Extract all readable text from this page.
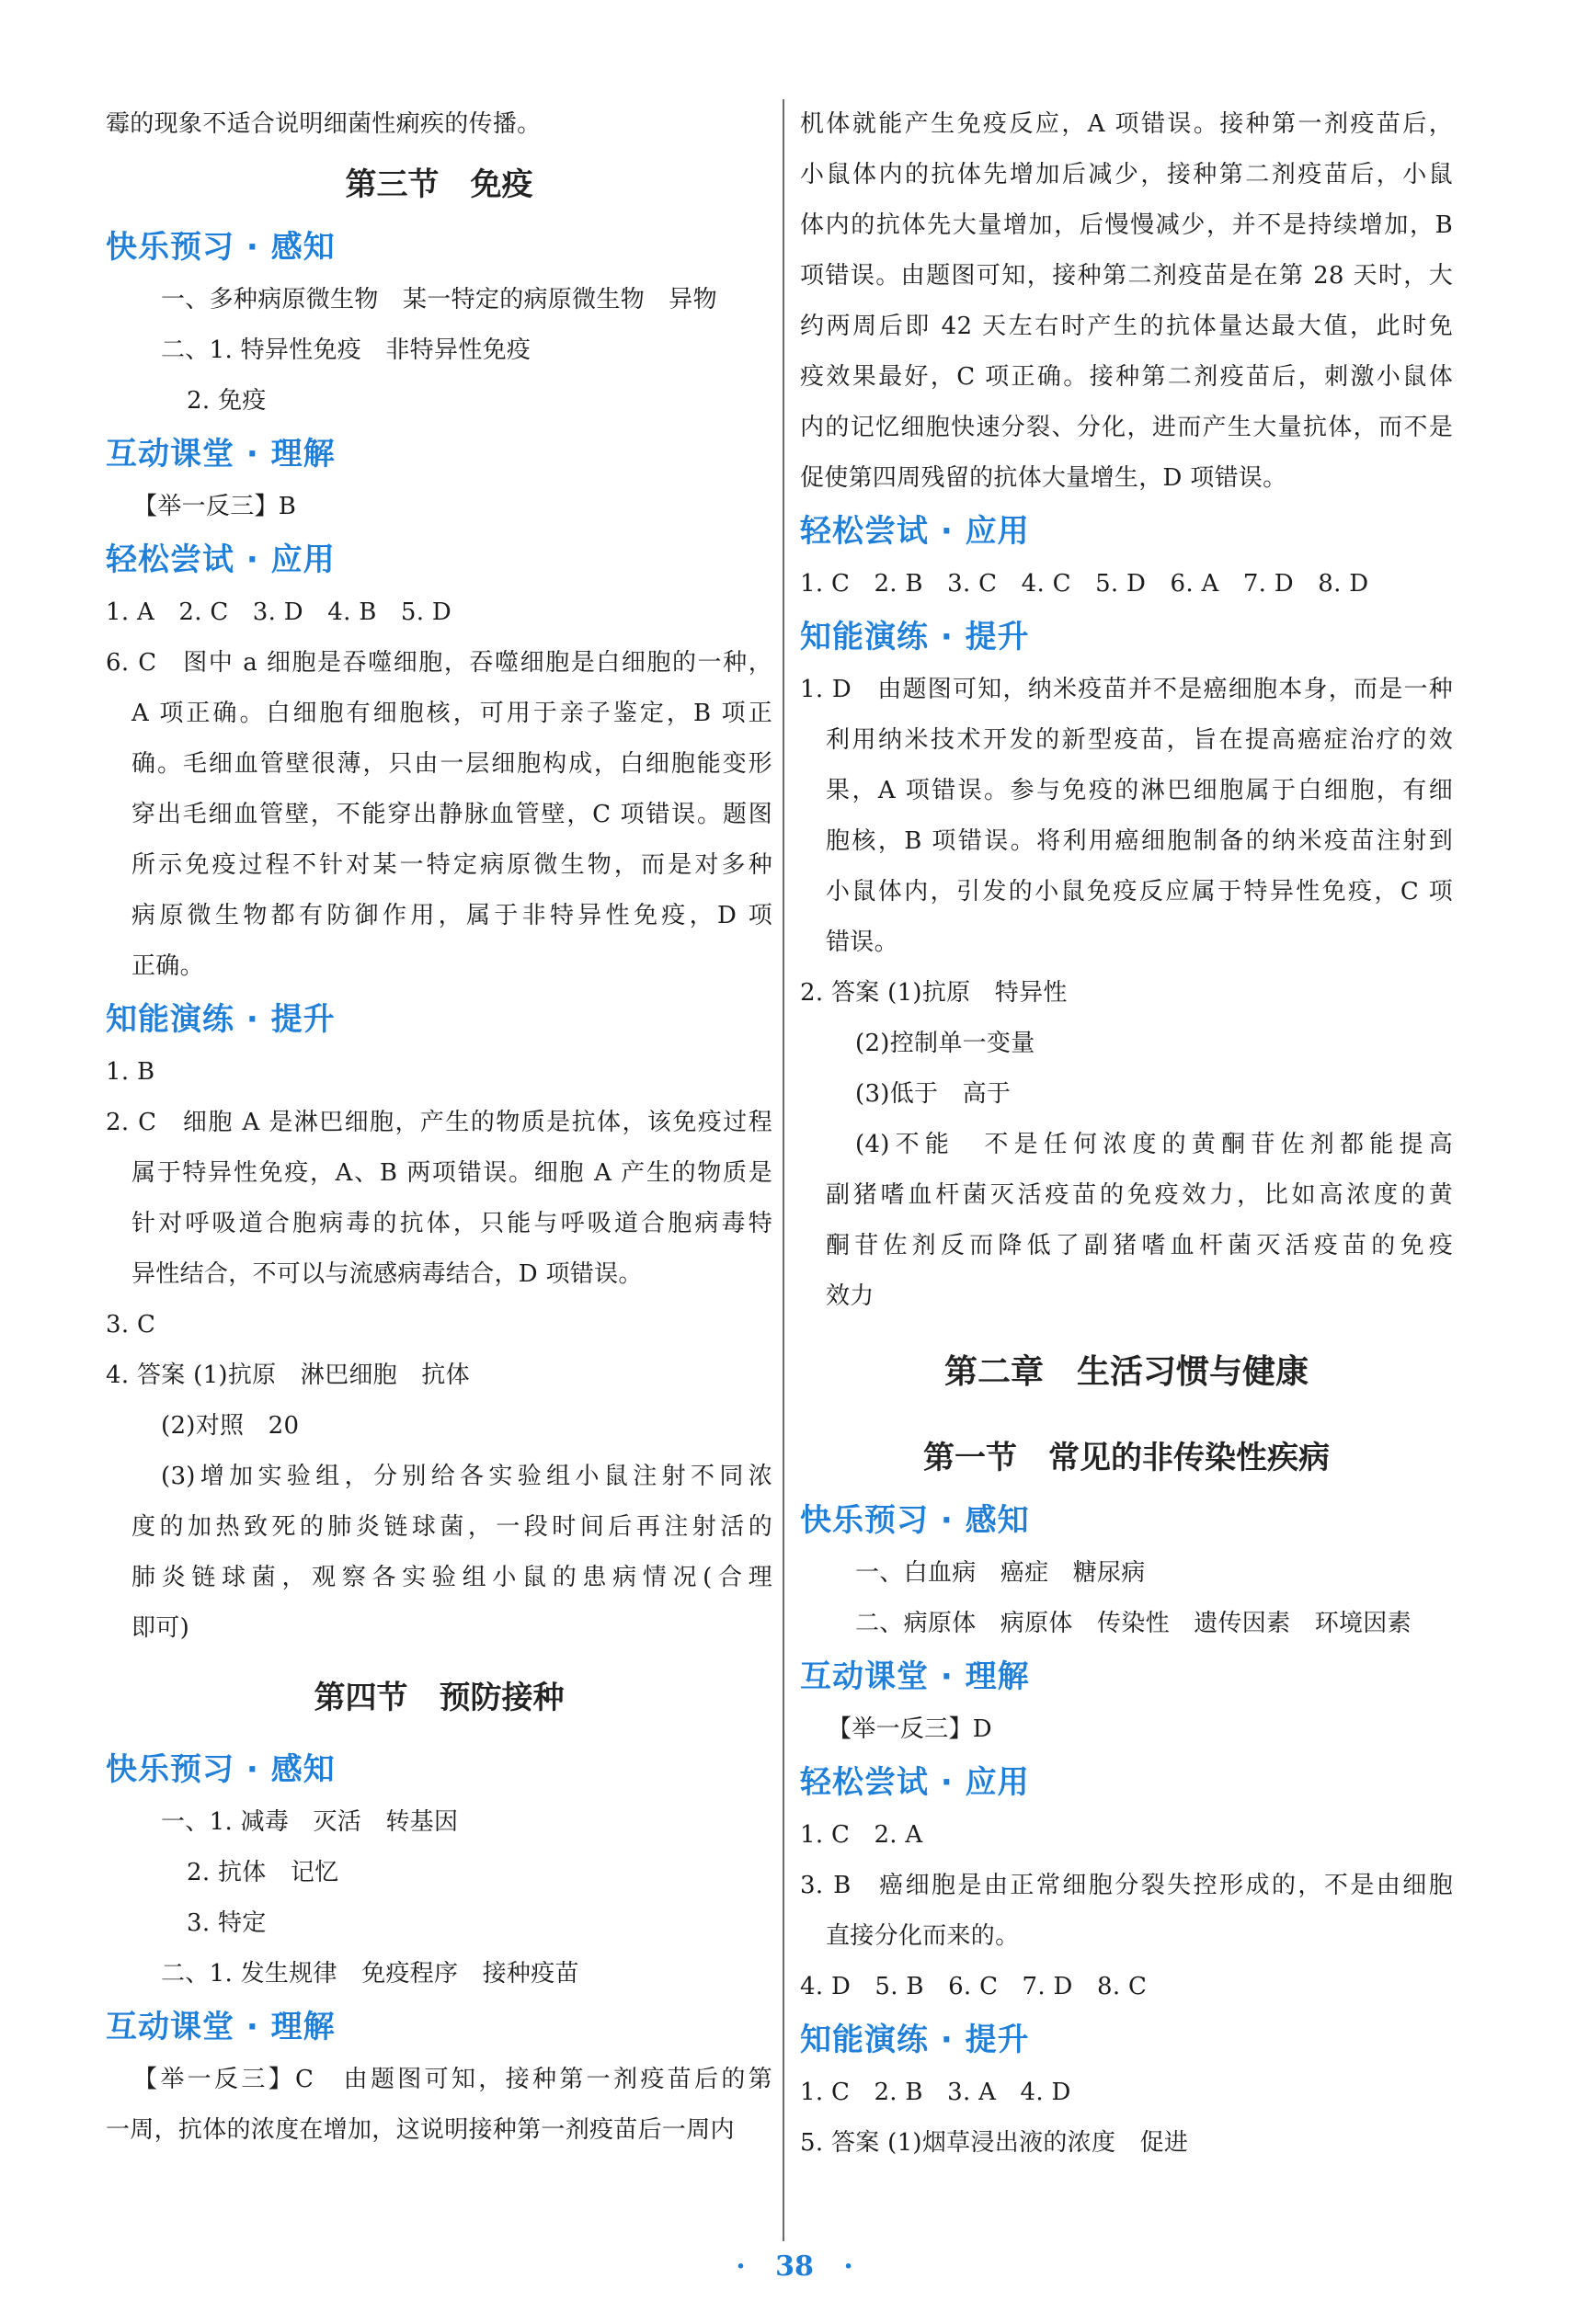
霉的现象不适合说明细菌性痢疾的传播。
第三节　免疫
快乐预习 · 感知
一、多种病原微生物　某一特定的病原微生物　异物
二、1. 特异性免疫　非特异性免疫
2. 免疫
互动课堂 · 理解
【举一反三】B
轻松尝试 · 应用
1. A　2. C　3. D　4. B　5. D
6. C　图中 a 细胞是吞噬细胞，吞噬细胞是白细胞的一种，
A 项正确。白细胞有细胞核，可用于亲子鉴定，B 项正
确。毛细血管壁很薄，只由一层细胞构成，白细胞能变形
穿出毛细血管壁，不能穿出静脉血管壁，C 项错误。题图
所示免疫过程不针对某一特定病原微生物，而是对多种
病原微生物都有防御作用，属于非特异性免疫，D 项
正确。
知能演练 · 提升
1. B
2. C　细胞 A 是淋巴细胞，产生的物质是抗体，该免疫过程
属于特异性免疫，A、B 两项错误。细胞 A 产生的物质是
针对呼吸道合胞病毒的抗体，只能与呼吸道合胞病毒特
异性结合，不可以与流感病毒结合，D 项错误。
3. C
4. 答案 (1)抗原　淋巴细胞　抗体
(2)对照　20
(3)增加实验组，分别给各实验组小鼠注射不同浓
度的加热致死的肺炎链球菌，一段时间后再注射活的
肺炎链球菌，观察各实验组小鼠的患病情况(合理
即可)
第四节　预防接种
快乐预习 · 感知
一、1. 减毒　灭活　转基因
2. 抗体　记忆
3. 特定
二、1. 发生规律　免疫程序　接种疫苗
互动课堂 · 理解
【举一反三】C　由题图可知，接种第一剂疫苗后的第
一周，抗体的浓度在增加，这说明接种第一剂疫苗后一周内
机体就能产生免疫反应，A 项错误。接种第一剂疫苗后，
小鼠体内的抗体先增加后减少，接种第二剂疫苗后，小鼠
体内的抗体先大量增加，后慢慢减少，并不是持续增加，B
项错误。由题图可知，接种第二剂疫苗是在第 28 天时，大
约两周后即 42 天左右时产生的抗体量达最大值，此时免
疫效果最好，C 项正确。接种第二剂疫苗后，刺激小鼠体
内的记忆细胞快速分裂、分化，进而产生大量抗体，而不是
促使第四周残留的抗体大量增生，D 项错误。
轻松尝试 · 应用
1. C　2. B　3. C　4. C　5. D　6. A　7. D　8. D
知能演练 · 提升
1. D　由题图可知，纳米疫苗并不是癌细胞本身，而是一种
利用纳米技术开发的新型疫苗，旨在提高癌症治疗的效
果，A 项错误。参与免疫的淋巴细胞属于白细胞，有细
胞核，B 项错误。将利用癌细胞制备的纳米疫苗注射到
小鼠体内，引发的小鼠免疫反应属于特异性免疫，C 项
错误。
2. 答案 (1)抗原　特异性
(2)控制单一变量
(3)低于　高于
(4)不能　不是任何浓度的黄酮苷佐剂都能提高
副猪嗜血杆菌灭活疫苗的免疫效力，比如高浓度的黄
酮苷佐剂反而降低了副猪嗜血杆菌灭活疫苗的免疫
效力
第二章　生活习惯与健康
第一节　常见的非传染性疾病
快乐预习 · 感知
一、白血病　癌症　糖尿病
二、病原体　病原体　传染性　遗传因素　环境因素
互动课堂 · 理解
【举一反三】D
轻松尝试 · 应用
1. C　2. A
3. B　癌细胞是由正常细胞分裂失控形成的，不是由细胞
直接分化而来的。
4. D　5. B　6. C　7. D　8. C
知能演练 · 提升
1. C　2. B　3. A　4. D
5. 答案 (1)烟草浸出液的浓度　促进
· 38 ·
